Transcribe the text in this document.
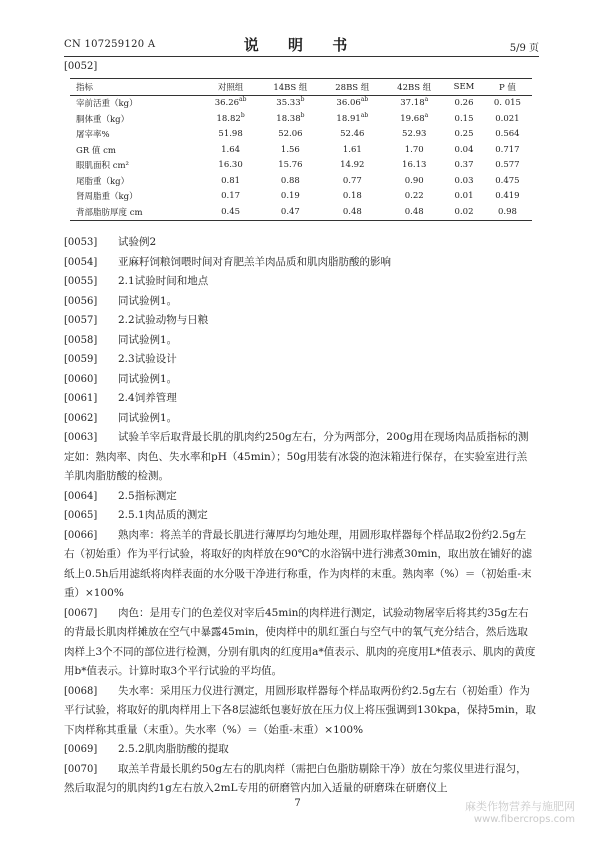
CN 107259120 A	说 明 书	5/9 页
[0052]
指标	对照组	14BS 组	28BS 组	42BS 组	SEM	P 值
宰前活重（kg）	36.26$^{ab}$	35.33$^b$	36.06$^{ab}$	37.18$^a$	0.26	0. 015
胴体重（kg）	18.82$^b$	18.38$^b$	18.91$^{ab}$	19.68$^a$	0.15	0.021
屠宰率%	51.98	52.06	52.46	52.93	0.25	0.564
GR 值 cm	1.64	1.56	1.61	1.70	0.04	0.717
眼肌面积 cm²	16.30	15.76	14.92	16.13	0.37	0.577
尾脂重（kg）	0.81	0.88	0.77	0.90	0.03	0.475
肾周脂重（kg）	0.17	0.19	0.18	0.22	0.01	0.419
背部脂肪厚度 cm	0.45	0.47	0.48	0.48	0.02	0.98
[0053] 试验例2
[0054] 亚麻籽饲粮饲喂时间对育肥羔羊肉品质和肌肉脂肪酸的影响
[0055] 2.1试验时间和地点
[0056] 同试验例1。
[0057] 2.2试验动物与日粮
[0058] 同试验例1。
[0059] 2.3试验设计
[0060] 同试验例1。
[0061] 2.4饲养管理
[0062] 同试验例1。
[0063]	试验羊宰后取背最长肌的肌肉约250g左右，分为两部分，200g用在现场肉品质指标的测定如：熟肉率、肉色、失水率和pH（45min）；50g用装有冰袋的泡沫箱进行保存，在实验室进行羔羊肌肉脂肪酸的检测。
[0064] 2.5指标测定
[0065] 2.5.1肉品质的测定
[0066]	熟肉率：将羔羊的背最长肌进行薄厚均匀地处理，用圆形取样器每个样品取2份约2.5g左右（初始重）作为平行试验，将取好的肉样放在90℃的水浴锅中进行沸煮30min，取出放在铺好的滤纸上0.5h后用滤纸将肉样表面的水分吸干净进行称重，作为肉样的末重。熟肉率（%）＝（初始重-末重）×100%
[0067]	肉色：是用专门的色差仪对宰后45min的肉样进行测定，试验动物屠宰后将其约35g左右的背最长肌肉样摊放在空气中暴露45min，使肉样中的肌红蛋白与空气中的氧气充分结合，然后选取肉样上3个不同的部位进行检测，分别有肌肉的红度用a*值表示、肌肉的亮度用L*值表示、肌肉的黄度用b*值表示。计算时取3个平行试验的平均值。
[0068]	失水率：采用压力仪进行测定，用圆形取样器每个样品取两份约2.5g左右（初始重）作为平行试验，将取好的肌肉样用上下各8层滤纸包裹好放在压力仪上将压强调到130kpa，保持5min，取下肉样称其重量（末重）。失水率（%）＝（始重-末重）×100%
[0069] 2.5.2肌肉脂肪酸的提取
[0070]	取羔羊背最长肌约50g左右的肌肉样（需把白色脂肪剔除干净）放在匀浆仪里进行混匀，然后取混匀的肌肉约1g左右放入2mL专用的研磨管内加入适量的研磨珠在研磨仪上
7	麻类作物营养与施肥网
www.fibercrops.com
